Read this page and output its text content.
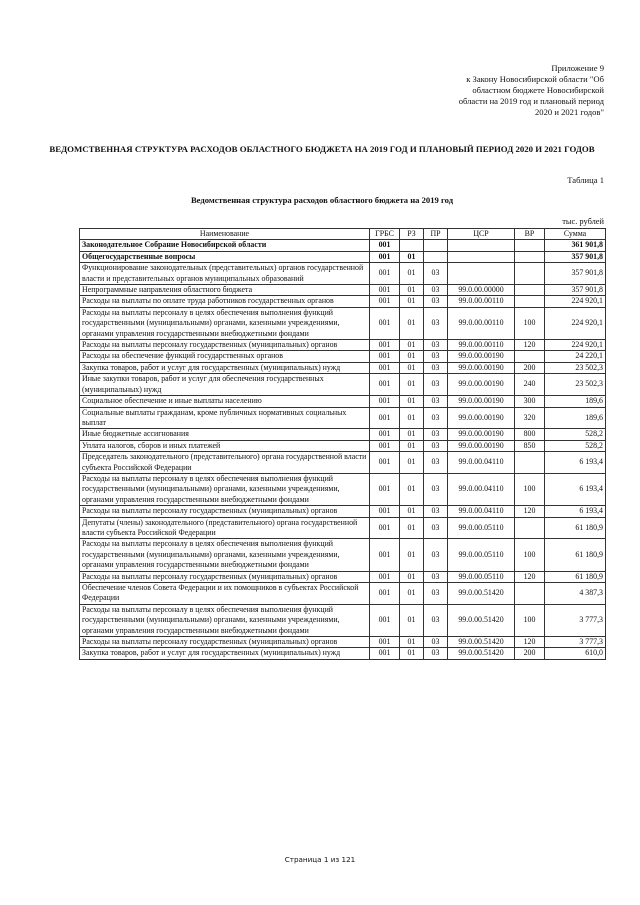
Приложение 9
к Закону Новосибирской области "Об
областном бюджете Новосибирской
области на 2019 год и плановый период
2020 и 2021 годов"
ВЕДОМСТВЕННАЯ СТРУКТУРА РАСХОДОВ ОБЛАСТНОГО БЮДЖЕТА НА 2019 ГОД И ПЛАНОВЫЙ ПЕРИОД 2020 И 2021 ГОДОВ
Таблица 1
Ведомственная структура расходов областного бюджета на 2019 год
тыс. рублей
Наименование	ГРБС	РЗ	ПР	ЦСР	ВР	Сумма
Законодательное Собрание Новосибирской области	001					361 901,8
Общегосударственные вопросы	001	01				357 901,8
Функционирование законодательных (представительных) органов государственной власти и представительных органов муниципальных образований	001	01	03			357 901,8
Непрограммные направления областного бюджета	001	01	03	99.0.00.00000		357 901,8
Расходы на выплаты по оплате труда работников государственных органов	001	01	03	99.0.00.00110		224 920,1
Расходы на выплаты персоналу в целях обеспечения выполнения функций государственными (муниципальными) органами, казенными учреждениями, органами управления государственными внебюджетными фондами	001	01	03	99.0.00.00110	100	224 920,1
Расходы на выплаты персоналу государственных (муниципальных) органов	001	01	03	99.0.00.00110	120	224 920,1
Расходы на обеспечение функций государственных органов	001	01	03	99.0.00.00190		24 220,1
Закупка товаров, работ и услуг для государственных (муниципальных) нужд	001	01	03	99.0.00.00190	200	23 502,3
Иные закупки товаров, работ и услуг для обеспечения государственных (муниципальных) нужд	001	01	03	99.0.00.00190	240	23 502,3
Социальное обеспечение и иные выплаты населению	001	01	03	99.0.00.00190	300	189,6
Социальные выплаты гражданам, кроме публичных нормативных социальных выплат	001	01	03	99.0.00.00190	320	189,6
Иные бюджетные ассигнования	001	01	03	99.0.00.00190	800	528,2
Уплата налогов, сборов и иных платежей	001	01	03	99.0.00.00190	850	528,2
Председатель законодательного (представительного) органа государственной власти субъекта Российской Федерации	001	01	03	99.0.00.04110		6 193,4
Расходы на выплаты персоналу в целях обеспечения выполнения функций государственными (муниципальными) органами, казенными учреждениями, органами управления государственными внебюджетными фондами	001	01	03	99.0.00.04110	100	6 193,4
Расходы на выплаты персоналу государственных (муниципальных) органов	001	01	03	99.0.00.04110	120	6 193,4
Депутаты (члены) законодательного (представительного) органа государственной власти субъекта Российской Федерации	001	01	03	99.0.00.05110		61 180,9
Расходы на выплаты персоналу в целях обеспечения выполнения функций государственными (муниципальными) органами, казенными учреждениями, органами управления государственными внебюджетными фондами	001	01	03	99.0.00.05110	100	61 180,9
Расходы на выплаты персоналу государственных (муниципальных) органов	001	01	03	99.0.00.05110	120	61 180,9
Обеспечение членов Совета Федерации и их помощников в субъектах Российской Федерации	001	01	03	99.0.00.51420		4 387,3
Расходы на выплаты персоналу в целях обеспечения выполнения функций государственными (муниципальными) органами, казенными учреждениями, органами управления государственными внебюджетными фондами	001	01	03	99.0.00.51420	100	3 777,3
Расходы на выплаты персоналу государственных (муниципальных) органов	001	01	03	99.0.00.51420	120	3 777,3
Закупка товаров, работ и услуг для государственных (муниципальных) нужд	001	01	03	99.0.00.51420	200	610,0
Страница 1 из 121
